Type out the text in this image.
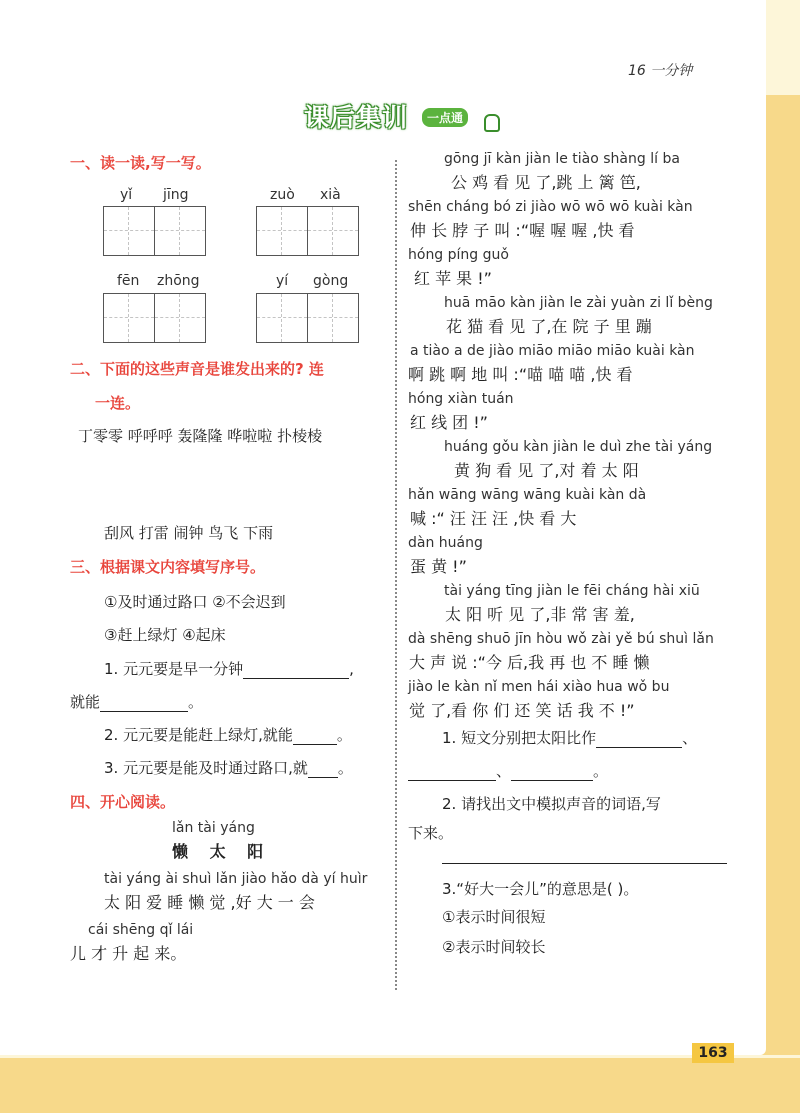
16 一分钟
课后集训	一点通
一、读一读,写一写。
yǐ jīng	zuò xià
fēn zhōng	yí gòng
二、下面的这些声音是谁发出来的? 连
一连。
丁零零 呼呼呼 轰隆隆 哗啦啦 扑棱棱
刮风 打雷 闹钟 鸟飞 下雨
三、根据课文内容填写序号。
①及时通过路口 ②不会迟到
③赶上绿灯 ④起床
1. 元元要是早一分钟	,
就能	。
2. 元元要是能赶上绿灯,就能	。
3. 元元要是能及时通过路口,就 。
四、开心阅读。
lǎn tài yáng
懒 太 阳
tài yáng ài shuì lǎn jiào hǎo dà yí huìr
太 阳 爱 睡 懒 觉 ,好 大 一 会
cái shēng qǐ lái
儿 才 升 起 来。
gōng jī kàn jiàn le tiào shàng lí ba
公 鸡 看 见 了,跳 上 篱 笆,
shēn cháng bó zi jiào wō wō wō kuài kàn
伸 长 脖 子 叫 :“喔 喔 喔 ,快 看
hóng píng guǒ
红 苹 果 !”
huā māo kàn jiàn le zài yuàn zi lǐ bèng
花 猫 看 见 了,在 院 子 里 蹦
a tiào a de jiào miāo miāo miāo kuài kàn
啊 跳 啊 地 叫 :“喵 喵 喵 ,快 看
hóng xiàn tuán
红 线 团 !”
huáng gǒu kàn jiàn le duì zhe tài yáng
黄 狗 看 见 了,对 着 太 阳
hǎn wāng wāng wāng kuài kàn dà
喊 :“ 汪 汪 汪 ,快 看 大
dàn huáng
蛋 黄 !”
tài yáng tīng jiàn le fēi cháng hài xiū
太 阳 听 见 了,非 常 害 羞,
dà shēng shuō jīn hòu wǒ zài yě bú shuì lǎn
大 声 说 :“今 后,我 再 也 不 睡 懒
jiào le kàn nǐ men hái xiào hua wǒ bu
觉 了,看 你 们 还 笑 话 我 不 !”
1. 短文分别把太阳比作	、
、	。
2. 请找出文中模拟声音的词语,写
下来。
3.“好大一会儿”的意思是( )。
①表示时间很短
②表示时间较长
163
